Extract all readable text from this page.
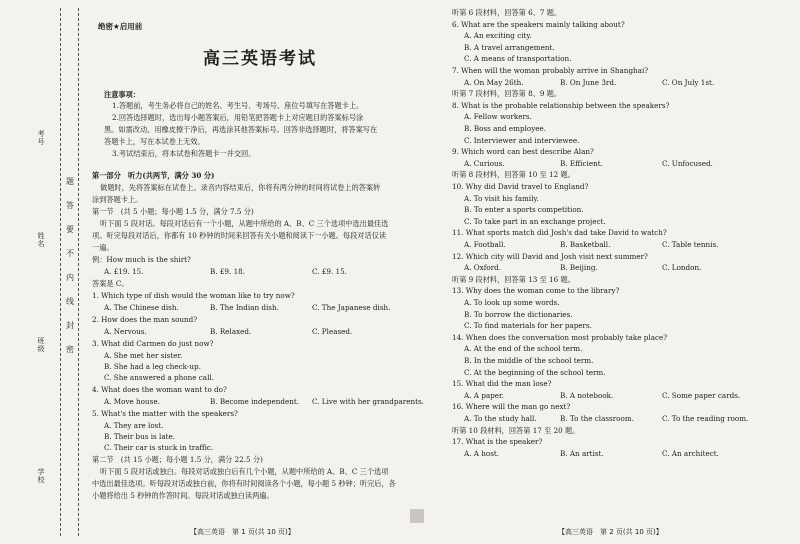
考号
姓名
班级
学校
题
答
要
不
内
线
封
密
绝密★启用前
高三英语考试
注意事项：
1.答题前，考生务必将自己的姓名、考生号、考场号、座位号填写在答题卡上。
2.回答选择题时，选出每小题答案后，用铅笔把答题卡上对应题目的答案标号涂
黑。如需改动，用橡皮擦干净后，再选涂其他答案标号。回答非选择题时，将答案写在
答题卡上，写在本试卷上无效。
3.考试结束后，将本试卷和答题卡一并交回。
第一部分　听力(共两节，满分 30 分)
做题时，先将答案标在试卷上。录音内容结束后，你将有两分钟的时间将试卷上的答案转
涂到答题卡上。
第一节　(共 5 小题；每小题 1.5 分，满分 7.5 分)
听下面 5 段对话。每段对话后有一个小题，从题中所给的 A、B、C 三个选项中选出最佳选
项。听完每段对话后，你都有 10 秒钟的时间来回答有关小题和阅读下一小题。每段对话仅读
一遍。
例：How much is the shirt?
A. £19. 15.	B. £9. 18.	C. £9. 15.
答案是 C。
1. Which type of dish would the woman like to try now?
A. The Chinese dish.	B. The Indian dish.	C. The Japanese dish.
2. How does the man sound?
A. Nervous.	B. Relaxed.	C. Pleased.
3. What did Carmen do just now?
A. She met her sister.
B. She had a leg check-up.
C. She answered a phone call.
4. What does the woman want to do?
A. Move house.	B. Become independent. C. Live with her grandparents.
5. What's the matter with the speakers?
A. They are lost.
B. Their bus is late.
C. Their car is stuck in traffic.
第二节　(共 15 小题；每小题 1.5 分，满分 22.5 分)
听下面 5 段对话或独白。每段对话或独白后有几个小题，从题中所给的 A、B、C 三个选项
中选出最佳选项。听每段对话或独白前，你将有时间阅读各个小题，每小题 5 秒钟；听完后，各
小题将给出 5 秒钟的作答时间。每段对话或独白读两遍。
【高三英语　第 1 页(共 10 页)】
听第 6 段材料，回答第 6、7 题。
6. What are the speakers mainly talking about?
A. An exciting city.
B. A travel arrangement.
C. A means of transportation.
7. When will the woman probably arrive in Shanghai?
A. On May 26th.	B. On June 3rd.	C. On July 1st.
听第 7 段材料，回答第 8、9 题。
8. What is the probable relationship between the speakers?
A. Fellow workers.
B. Boss and employee.
C. Interviewer and interviewee.
9. Which word can best describe Alan?
A. Curious.	B. Efficient.	C. Unfocused.
听第 8 段材料，回答第 10 至 12 题。
10. Why did David travel to England?
A. To visit his family.
B. To enter a sports competition.
C. To take part in an exchange project.
11. What sports match did Josh's dad take David to watch?
A. Football.	B. Basketball.	C. Table tennis.
12. Which city will David and Josh visit next summer?
A. Oxford.	B. Beijing.	C. London.
听第 9 段材料，回答第 13 至 16 题。
13. Why does the woman come to the library?
A. To look up some words.
B. To borrow the dictionaries.
C. To find materials for her papers.
14. When does the conversation most probably take place?
A. At the end of the school term.
B. In the middle of the school term.
C. At the beginning of the school term.
15. What did the man lose?
A. A paper.	B. A notebook.	C. Some paper cards.
16. Where will the man go next?
A. To the study hall.	B. To the classroom.	C. To the reading room.
听第 10 段材料，回答第 17 至 20 题。
17. What is the speaker?
A. A host.	B. An artist.	C. An architect.
【高三英语　第 2 页(共 10 页)】
